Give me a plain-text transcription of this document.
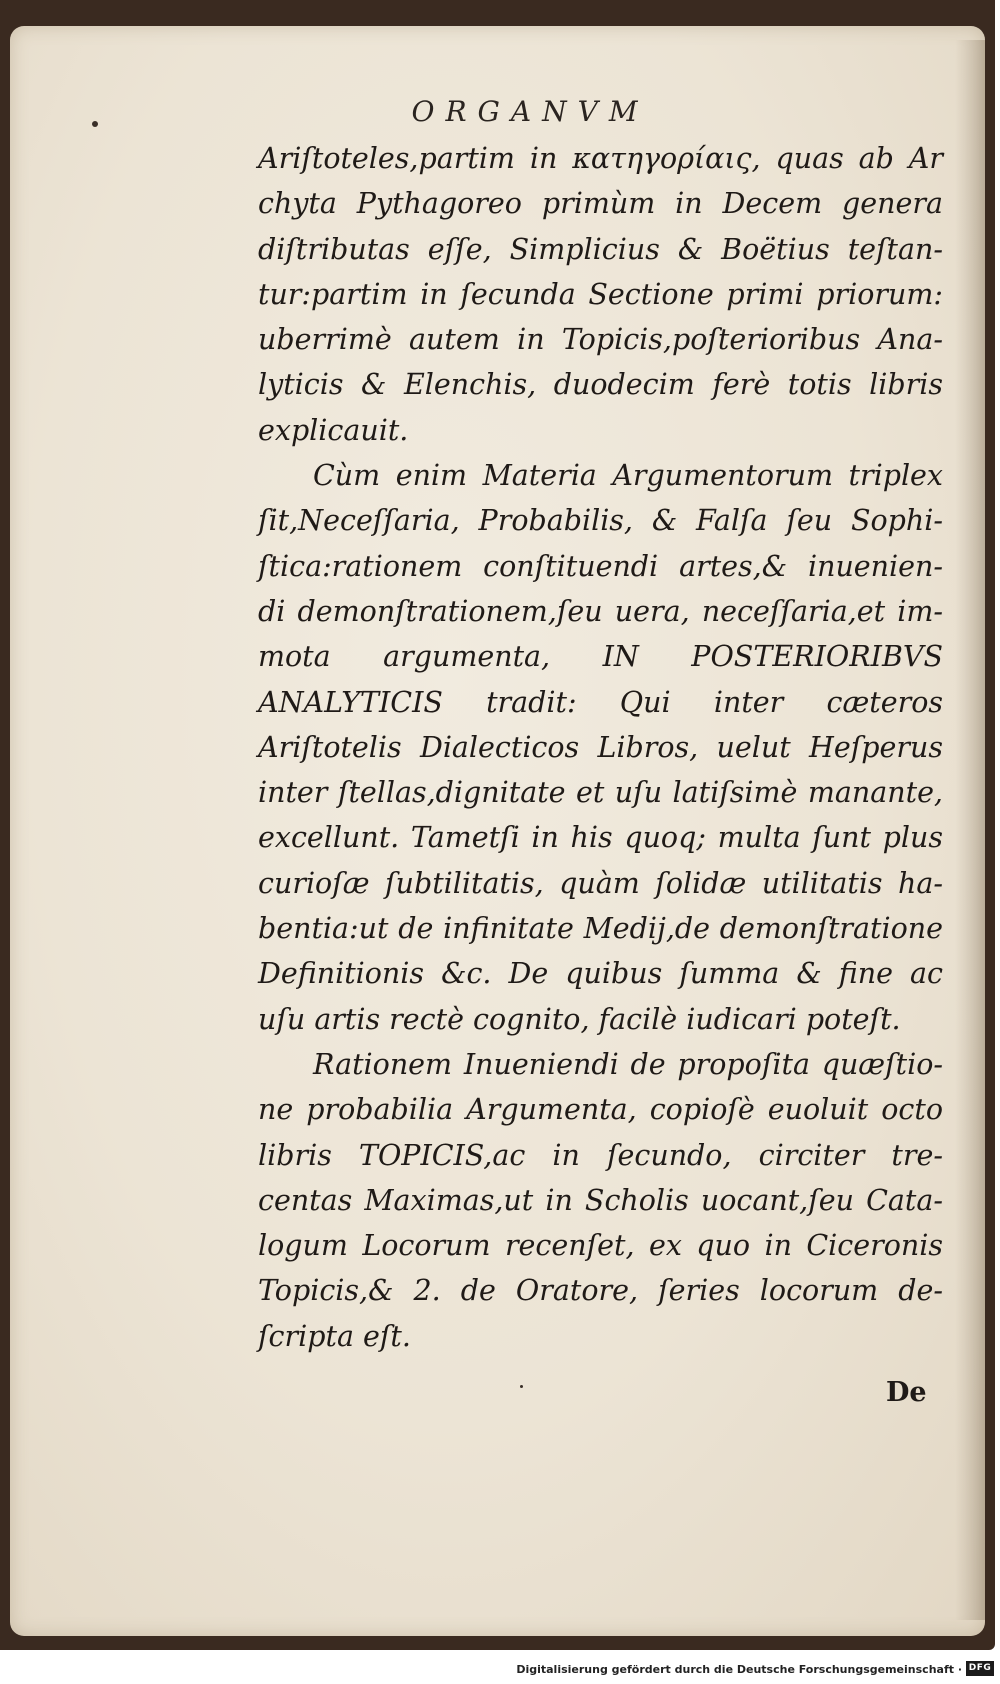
ORGANVM
Ariſtoteles,partim in κατηγορίαις, quas ab Ar
chyta Pythagoreo primùm in Decem genera
diſtributas eſſe, Simplicius & Boëtius teſtan-
tur:partim in ſecunda Sectione primi priorum:
uberrimè autem in Topicis,poſterioribus Ana-
lyticis & Elenchis, duodecim ferè totis libris
explicauit.
Cùm enim Materia Argumentorum triplex
ſit,Neceſſaria, Probabilis, & Falſa ſeu Sophi-
ſtica:rationem conſtituendi artes,& inuenien-
di demonſtrationem,ſeu uera, neceſſaria,et im-
mota argumenta, IN POSTERIORIBVS
ANALYTICIS tradit: Qui inter cæteros
Ariſtotelis Dialecticos Libros, uelut Heſperus
inter ſtellas,dignitate et uſu latiſsimè manante,
excellunt. Tametſi in his quoq; multa ſunt plus
curioſæ ſubtilitatis, quàm ſolidæ utilitatis ha-
bentia:ut de infinitate Medij,de demonſtratione
Definitionis &c. De quibus ſumma & fine ac
uſu artis rectè cognito, facilè iudicari poteſt.
Rationem Inueniendi de propoſita quæſtio-
ne probabilia Argumenta, copioſè euoluit octo
libris TOPICIS,ac in ſecundo, circiter tre-
centas Maximas,ut in Scholis uocant,ſeu Cata-
logum Locorum recenſet, ex quo in Ciceronis
Topicis,& 2. de Oratore, ſeries locorum de-
ſcripta eſt.
De
Digitalisierung gefördert durch die Deutsche Forschungsgemeinschaft · DFG
